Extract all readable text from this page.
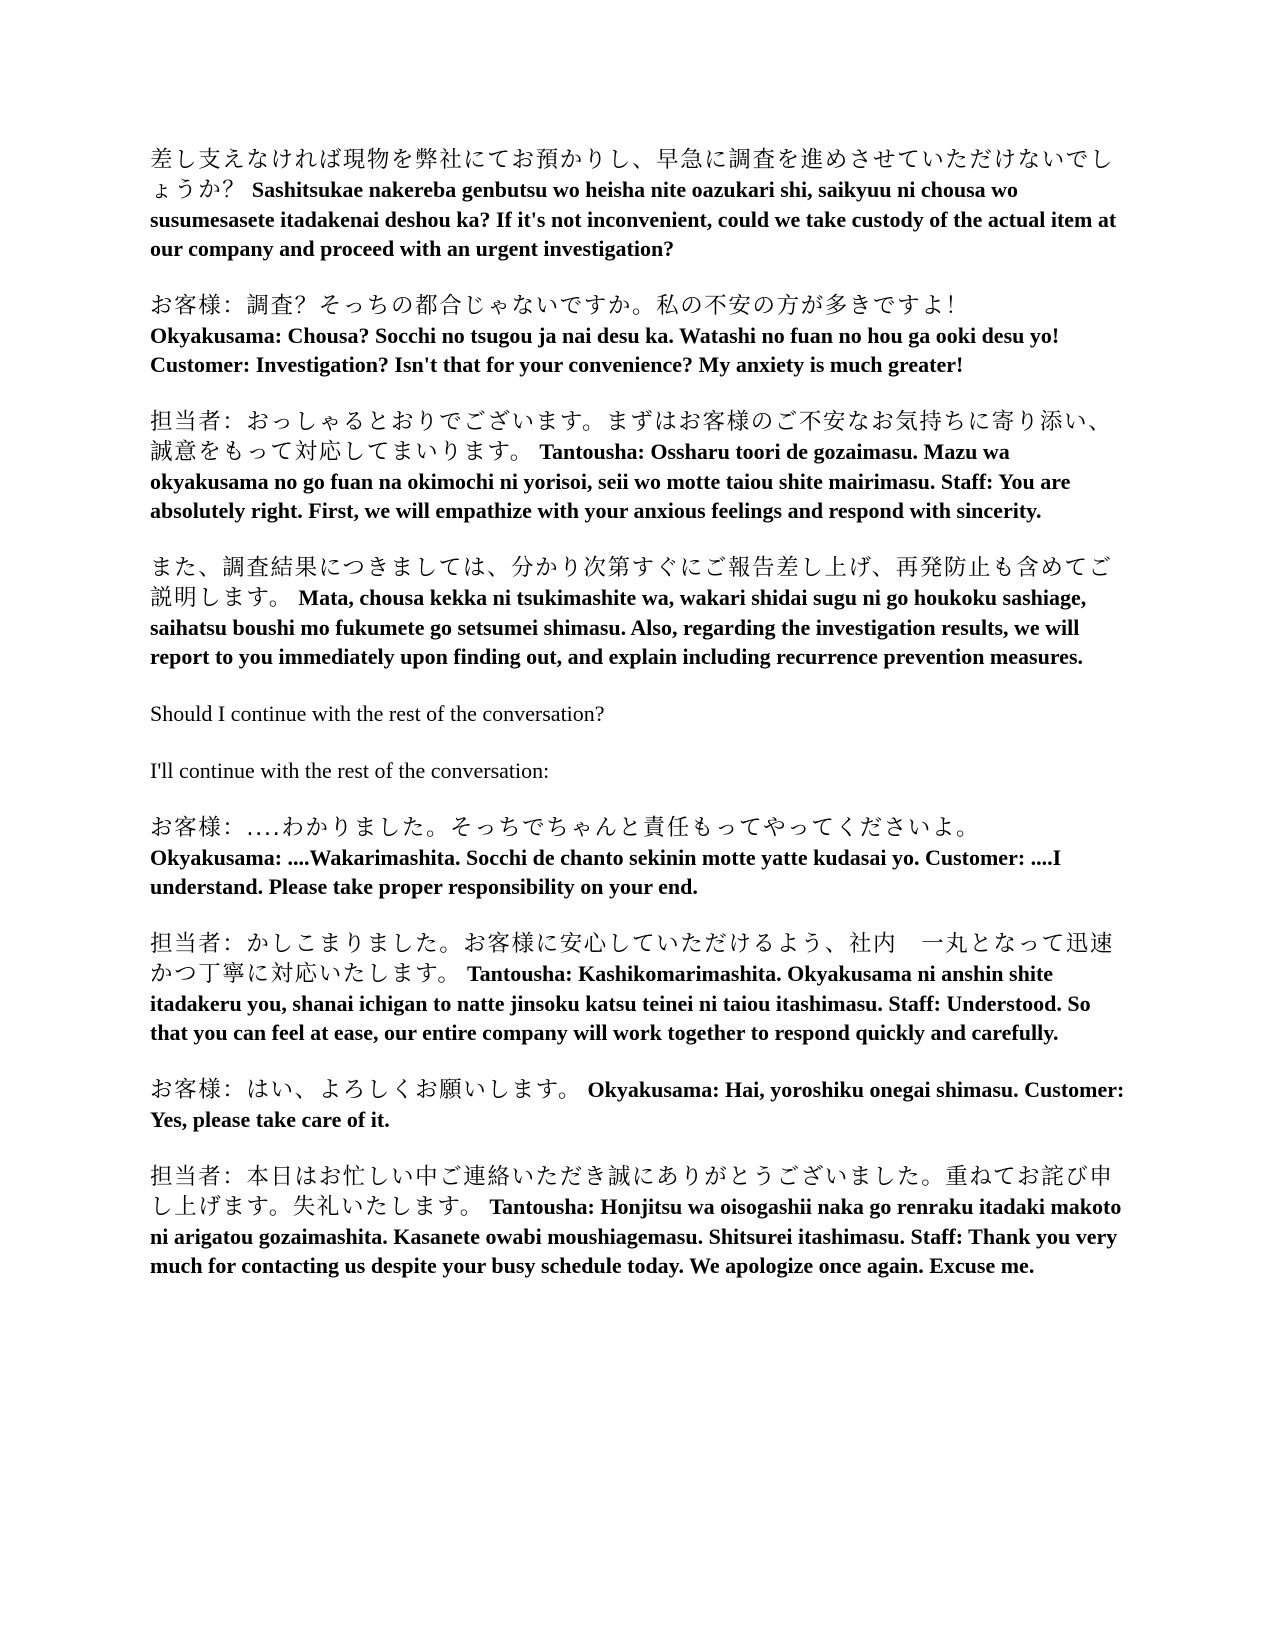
差し支えなければ現物を弊社にてお預かりし、早急に調査を進めさせていただけないでしょうか？ Sashitsukae nakereba genbutsu wo heisha nite oazukari shi, saikyuu ni chousa wo susumesasete itadakenai deshou ka? If it's not inconvenient, could we take custody of the actual item at our company and proceed with an urgent investigation?

お客様：調査？そっちの都合じゃないですか。私の不安の方が多きですよ！
Okyakusama: Chousa? Socchi no tsugou ja nai desu ka. Watashi no fuan no hou ga ooki desu yo! Customer: Investigation? Isn't that for your convenience? My anxiety is much greater!

担当者：おっしゃるとおりでございます。まずはお客様のご不安なお気持ちに寄り添い、誠意をもって対応してまいります。 Tantousha: Ossharu toori de gozaimasu. Mazu wa okyakusama no go fuan na okimochi ni yorisoi, seii wo motte taiou shite mairimasu. Staff: You are absolutely right. First, we will empathize with your anxious feelings and respond with sincerity.

また、調査結果につきましては、分かり次第すぐにご報告差し上げ、再発防止も含めてご説明します。 Mata, chousa kekka ni tsukimashite wa, wakari shidai sugu ni go houkoku sashiage, saihatsu boushi mo fukumete go setsumei shimasu. Also, regarding the investigation results, we will report to you immediately upon finding out, and explain including recurrence prevention measures.

Should I continue with the rest of the conversation?

I'll continue with the rest of the conversation:

お客様：....わかりました。そっちでちゃんと責任もってやってくださいよ。
Okyakusama: ....Wakarimashita. Socchi de chanto sekinin motte yatte kudasai yo. Customer: ....I understand. Please take proper responsibility on your end.

担当者：かしこまりました。お客様に安心していただけるよう、社内　一丸となって迅速かつ丁寧に対応いたします。 Tantousha: Kashikomarimashita. Okyakusama ni anshin shite itadakeru you, shanai ichigan to natte jinsoku katsu teinei ni taiou itashimasu. Staff: Understood. So that you can feel at ease, our entire company will work together to respond quickly and carefully.

お客様：はい、よろしくお願いします。 Okyakusama: Hai, yoroshiku onegai shimasu. Customer: Yes, please take care of it.

担当者：本日はお忙しい中ご連絡いただき誠にありがとうございました。重ねてお詫び申し上げます。失礼いたします。 Tantousha: Honjitsu wa oisogashii naka go renraku itadaki makoto ni arigatou gozaimashita. Kasanete owabi moushiagemasu. Shitsurei itashimasu. Staff: Thank you very much for contacting us despite your busy schedule today. We apologize once again. Excuse me.
